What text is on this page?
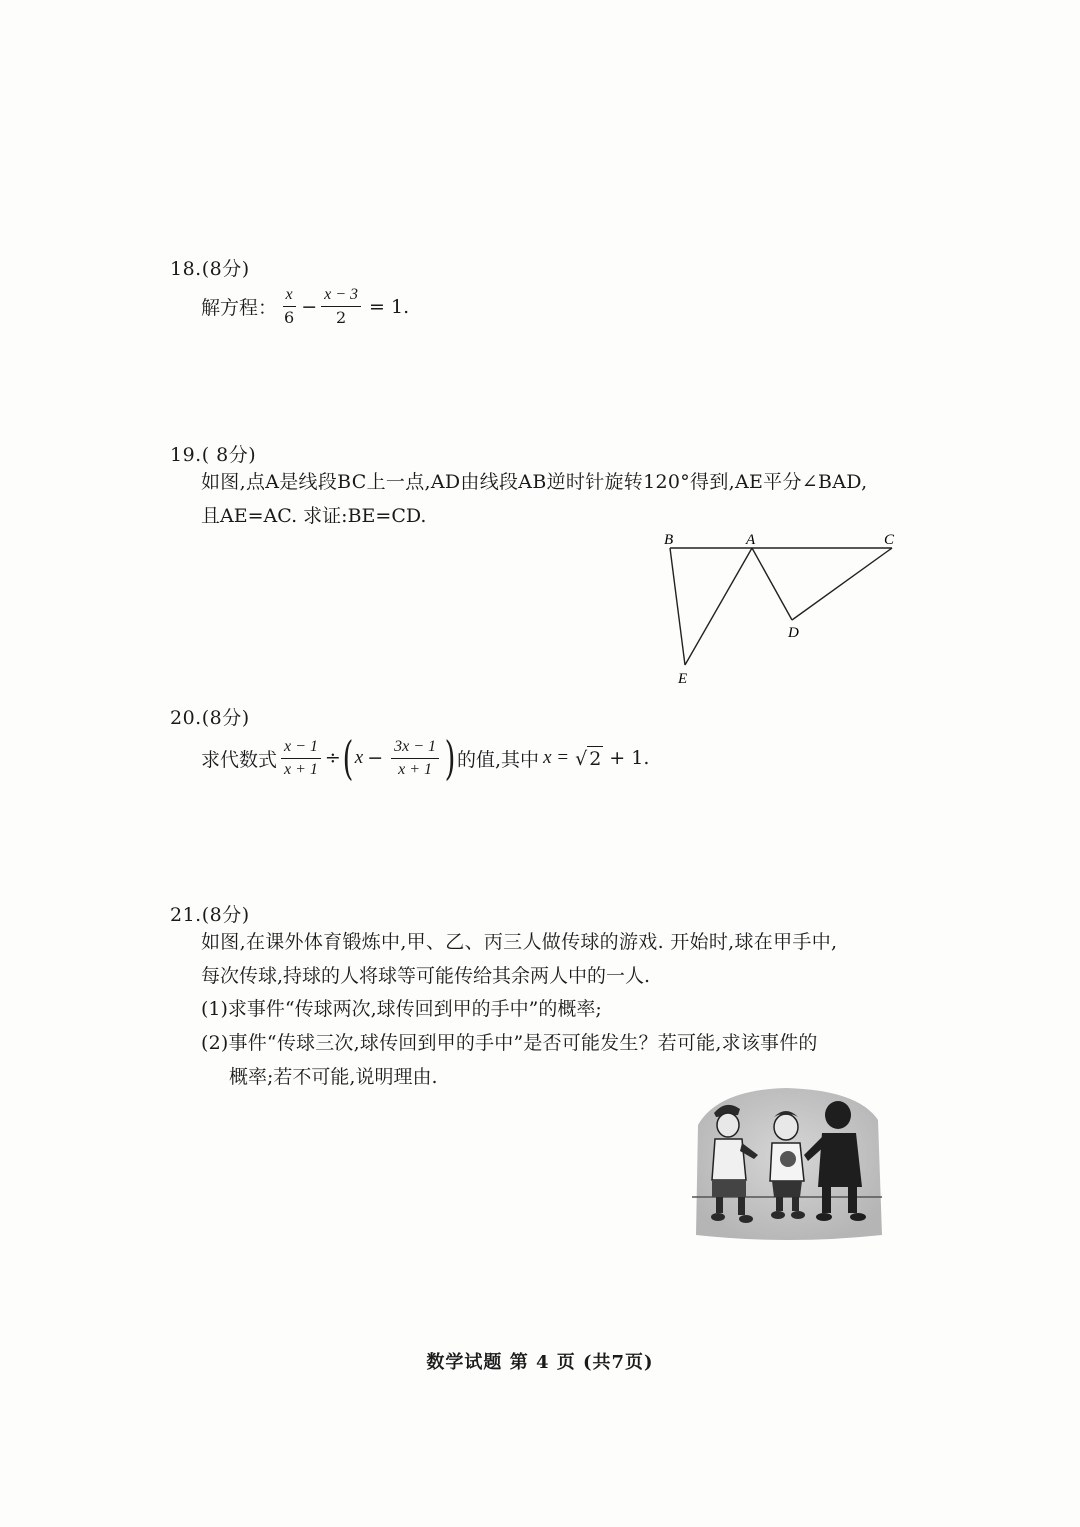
18.(8分)
解方程： $\frac{x}{6} - \frac{x - 3}{2} = 1$.
19.( 8分)
如图,点A是线段BC上一点,AD由线段AB逆时针旋转120°得到,AE平分∠BAD,
且AE=AC. 求证:BE=CD.
B	A	C
D
E
20.(8分)
求代数式 $\frac{x - 1}{x + 1}$ ÷ ( $x - \frac{3x - 1}{x + 1}$ ) 的值,其中 x = √ 2 + 1.
21.(8分)
如图,在课外体育锻炼中,甲、乙、丙三人做传球的游戏. 开始时,球在甲手中,
每次传球,持球的人将球等可能传给其余两人中的一人.
(1)求事件“传球两次,球传回到甲的手中”的概率;
(2)事件“传球三次,球传回到甲的手中”是否可能发生？若可能,求该事件的
概率;若不可能,说明理由.
数学试题 第 4 页 (共7页)
